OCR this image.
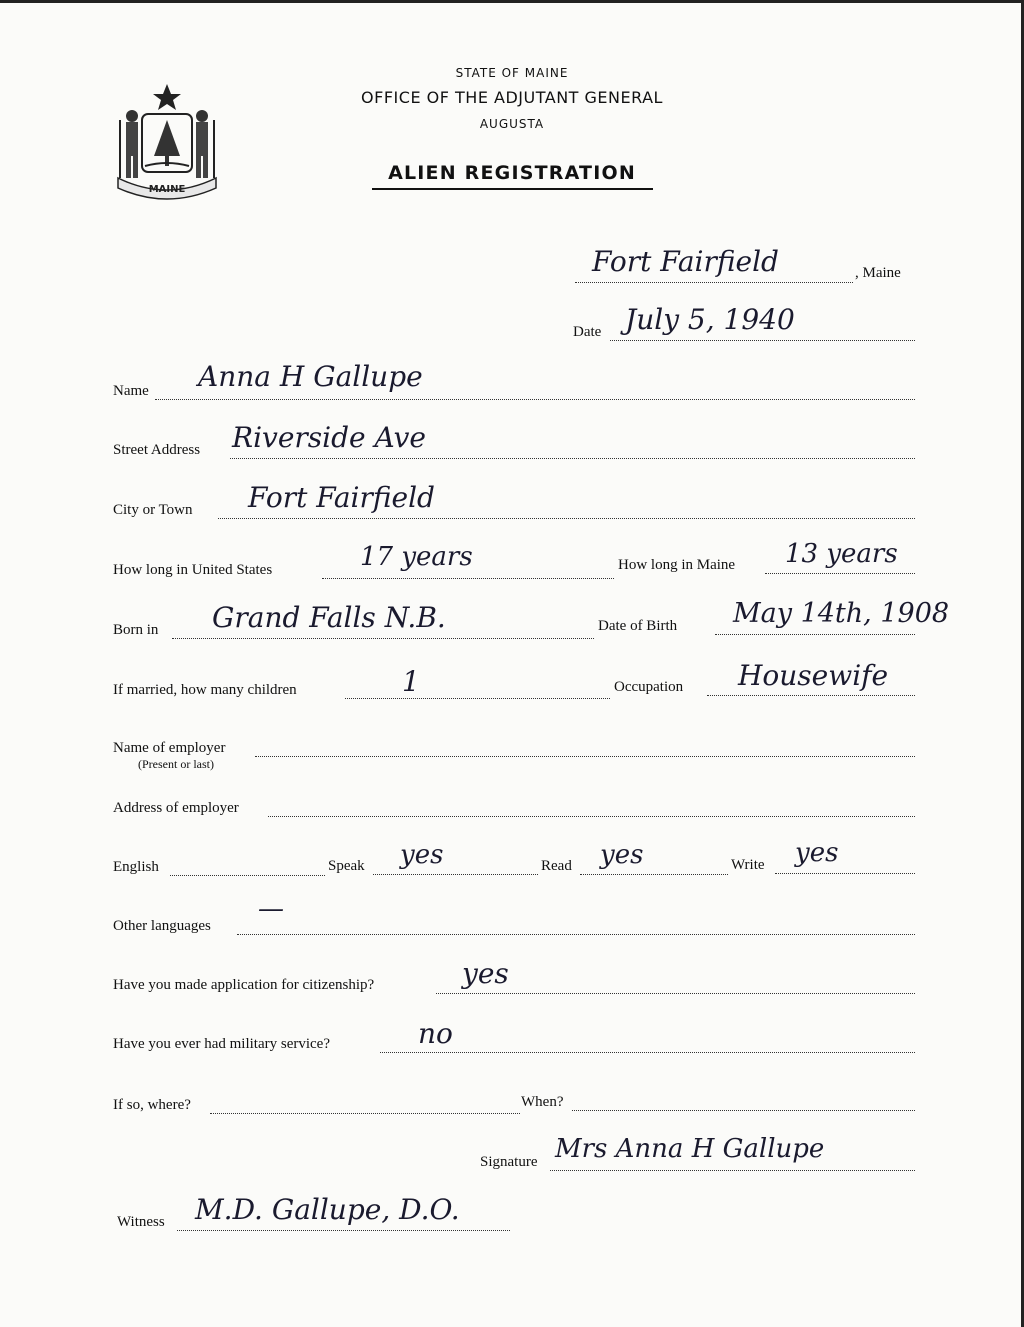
MAINE
STATE OF MAINE
OFFICE OF THE ADJUTANT GENERAL
AUGUSTA
ALIEN REGISTRATION
Fort Fairfield	, Maine
Date July 5, 1940
Name Anna H Gallupe
Street Address Riverside Ave
City or Town Fort Fairfield
How long in United States	17 years	How long in Maine 13 years
Born in Grand Falls N.B.	Date of Birth May 14th, 1908
If married, how many children	1	Occupation Housewife
Name of employer
(Present or last)
Address of employer
English	Speak yes	Read yes	Write yes
Other languages
—
Have you made application for citizenship?	yes
Have you ever had military service?	no
If so, where?	When?
Signature Mrs Anna H Gallupe
Witness M.D. Gallupe, D.O.
